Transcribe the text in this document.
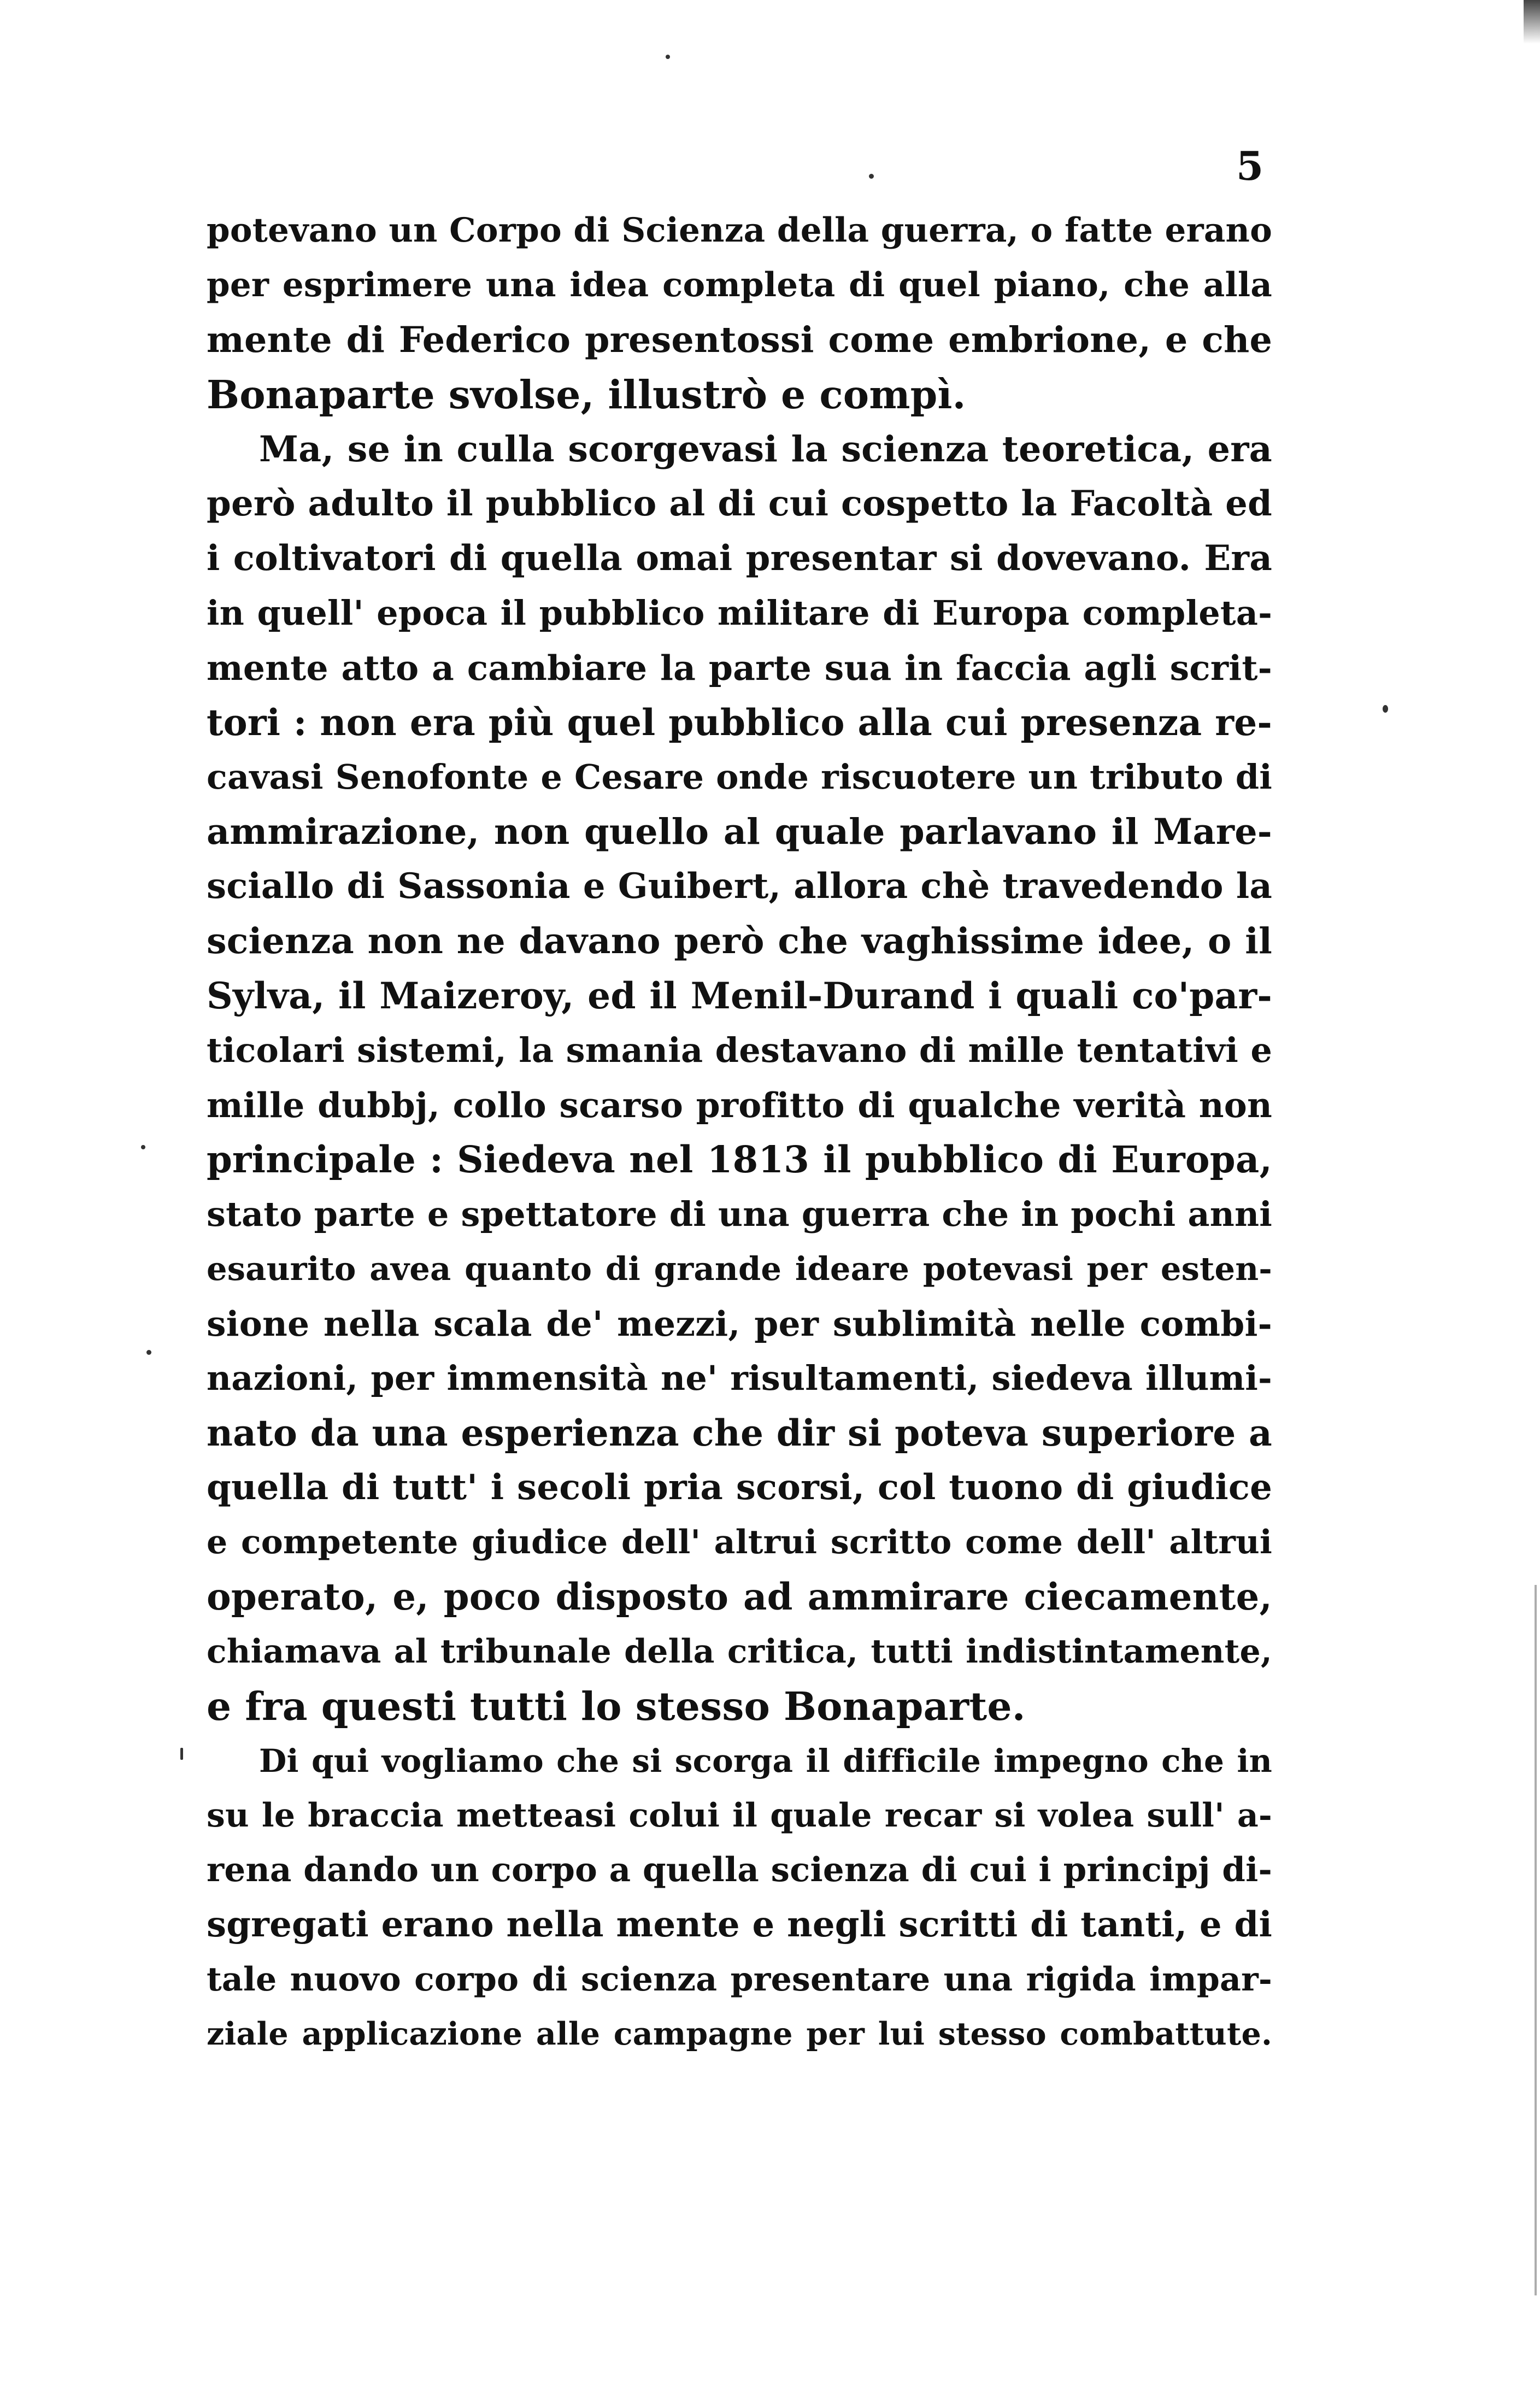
5
potevano un Corpo di Scienza della guerra, o fatte erano
per esprimere una idea completa di quel piano, che alla
mente di Federico presentossi come embrione, e che
Bonaparte svolse, illustrò e compì.
Ma, se in culla scorgevasi la scienza teoretica, era
però adulto il pubblico al di cui cospetto la Facoltà ed
i coltivatori di quella omai presentar si dovevano. Era
in quell' epoca il pubblico militare di Europa completa-
mente atto a cambiare la parte sua in faccia agli scrit-
tori : non era più quel pubblico alla cui presenza re-
cavasi Senofonte e Cesare onde riscuotere un tributo di
ammirazione, non quello al quale parlavano il Mare-
sciallo di Sassonia e Guibert, allora chè travedendo la
scienza non ne davano però che vaghissime idee, o il
Sylva, il Maizeroy, ed il Menil-Durand i quali co'par-
ticolari sistemi, la smania destavano di mille tentativi e
mille dubbj, collo scarso profitto di qualche verità non
principale : Siedeva nel 1813 il pubblico di Europa,
stato parte e spettatore di una guerra che in pochi anni
esaurito avea quanto di grande ideare potevasi per esten-
sione nella scala de' mezzi, per sublimità nelle combi-
nazioni, per immensità ne' risultamenti, siedeva illumi-
nato da una esperienza che dir si poteva superiore a
quella di tutt' i secoli pria scorsi, col tuono di giudice
e competente giudice dell' altrui scritto come dell' altrui
operato, e, poco disposto ad ammirare ciecamente,
chiamava al tribunale della critica, tutti indistintamente,
e fra questi tutti lo stesso Bonaparte.
Di qui vogliamo che si scorga il difficile impegno che in
su le braccia metteasi colui il quale recar si volea sull' a-
rena dando un corpo a quella scienza di cui i principj di-
sgregati erano nella mente e negli scritti di tanti, e di
tale nuovo corpo di scienza presentare una rigida impar-
ziale applicazione alle campagne per lui stesso combattute.
